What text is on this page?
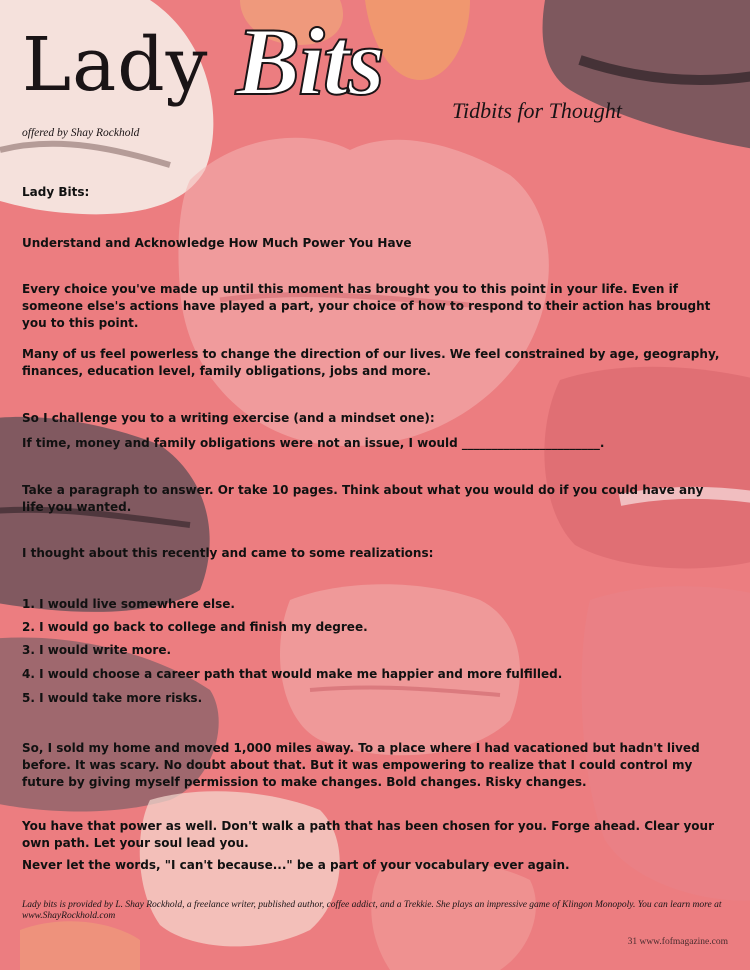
Lady Bits	Tidbits for Thought
offered by Shay Rockhold

Lady Bits:

Understand and Acknowledge How Much Power You Have

Every choice you've made up until this moment has brought you to this point in your life. Even if someone else's actions have played a part, your choice of how to respond to their action has brought you to this point.

Many of us feel powerless to change the direction of our lives. We feel constrained by age, geography, finances, education level, family obligations, jobs and more.

So I challenge you to a writing exercise (and a mindset one):

If time, money and family obligations were not an issue, I would _______________________.

Take a paragraph to answer. Or take 10 pages. Think about what you would do if you could have any life you wanted.

I thought about this recently and came to some realizations:

1. I would live somewhere else.

2. I would go back to college and finish my degree.

3. I would write more.

4. I would choose a career path that would make me happier and more fulfilled.

5. I would take more risks.

So, I sold my home and moved 1,000 miles away. To a place where I had vacationed but hadn't lived before. It was scary. No doubt about that. But it was empowering to realize that I could control my future by giving myself permission to make changes. Bold changes. Risky changes.

You have that power as well. Don't walk a path that has been chosen for you. Forge ahead. Clear your own path. Let your soul lead you.

Never let the words, "I can't because..." be a part of your vocabulary ever again.

Lady bits is provided by L. Shay Rockhold, a freelance writer, published author, coffee addict, and a Trekkie. She plays an impressive game of Klingon Monopoly. You can learn more at www.ShayRockhold.com
31 www.fofmagazine.com
